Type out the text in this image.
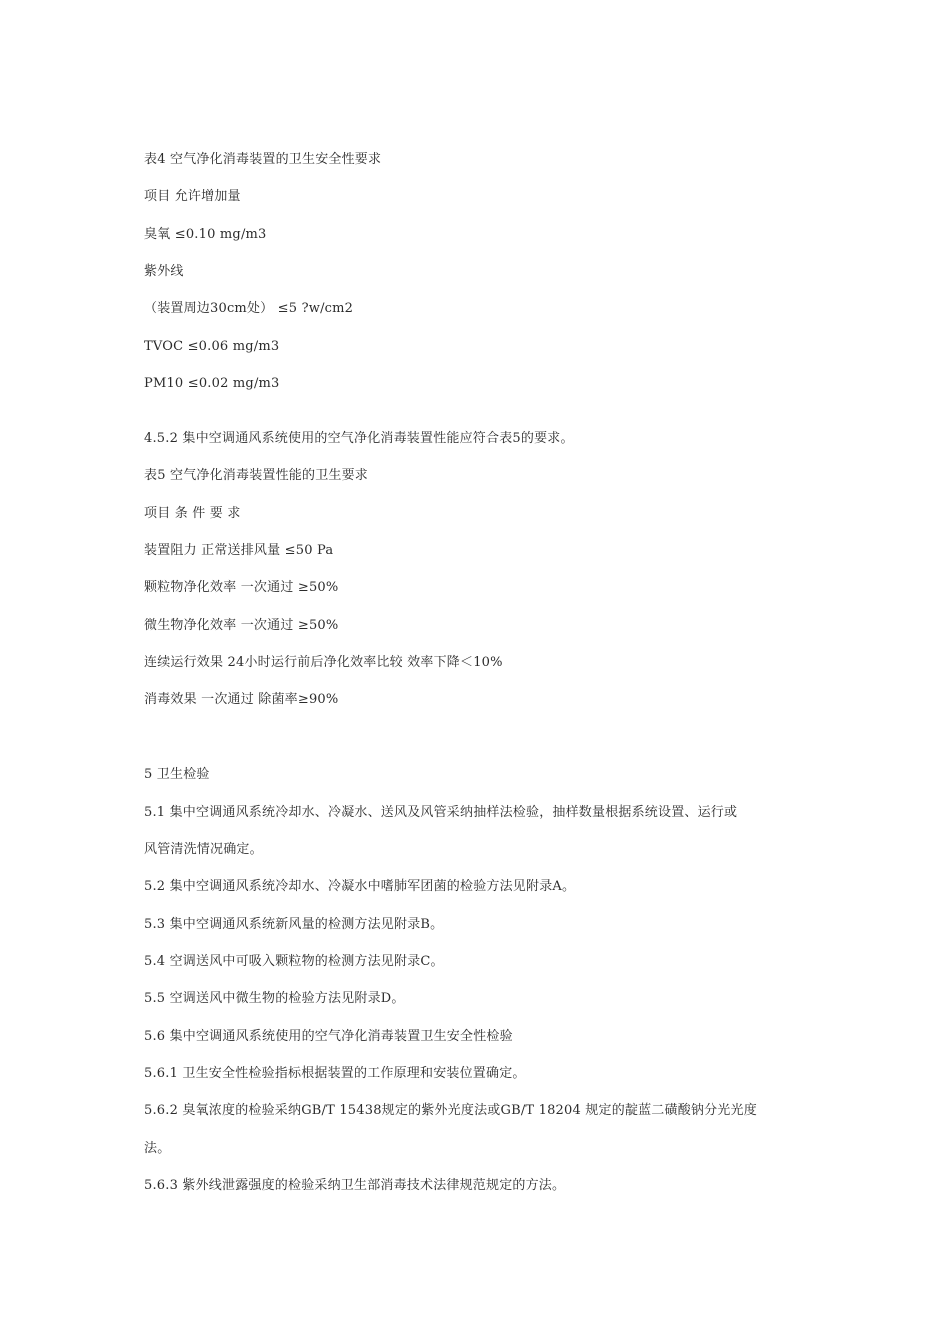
表4 空气净化消毒装置的卫生安全性要求
项目 允许增加量
臭氧 ≤0.10 mg/m3
紫外线
（装置周边30cm处） ≤5 ?w/cm2
TVOC ≤0.06 mg/m3
PM10 ≤0.02 mg/m3
4.5.2 集中空调通风系统使用的空气净化消毒装置性能应符合表5的要求。
表5 空气净化消毒装置性能的卫生要求
项目 条 件 要 求
装置阻力 正常送排风量 ≤50 Pa
颗粒物净化效率 一次通过 ≥50%
微生物净化效率 一次通过 ≥50%
连续运行效果 24小时运行前后净化效率比较 效率下降＜10%
消毒效果 一次通过 除菌率≥90%
5 卫生检验
5.1 集中空调通风系统冷却水、冷凝水、送风及风管采纳抽样法检验，抽样数量根据系统设置、运行或
风管清洗情况确定。
5.2 集中空调通风系统冷却水、冷凝水中嗜肺军团菌的检验方法见附录A。
5.3 集中空调通风系统新风量的检测方法见附录B。
5.4 空调送风中可吸入颗粒物的检测方法见附录C。
5.5 空调送风中微生物的检验方法见附录D。
5.6 集中空调通风系统使用的空气净化消毒装置卫生安全性检验
5.6.1 卫生安全性检验指标根据装置的工作原理和安装位置确定。
5.6.2 臭氧浓度的检验采纳GB/T 15438规定的紫外光度法或GB/T 18204 规定的靛蓝二磺酸钠分光光度
法。
5.6.3 紫外线泄露强度的检验采纳卫生部消毒技术法律规范规定的方法。
